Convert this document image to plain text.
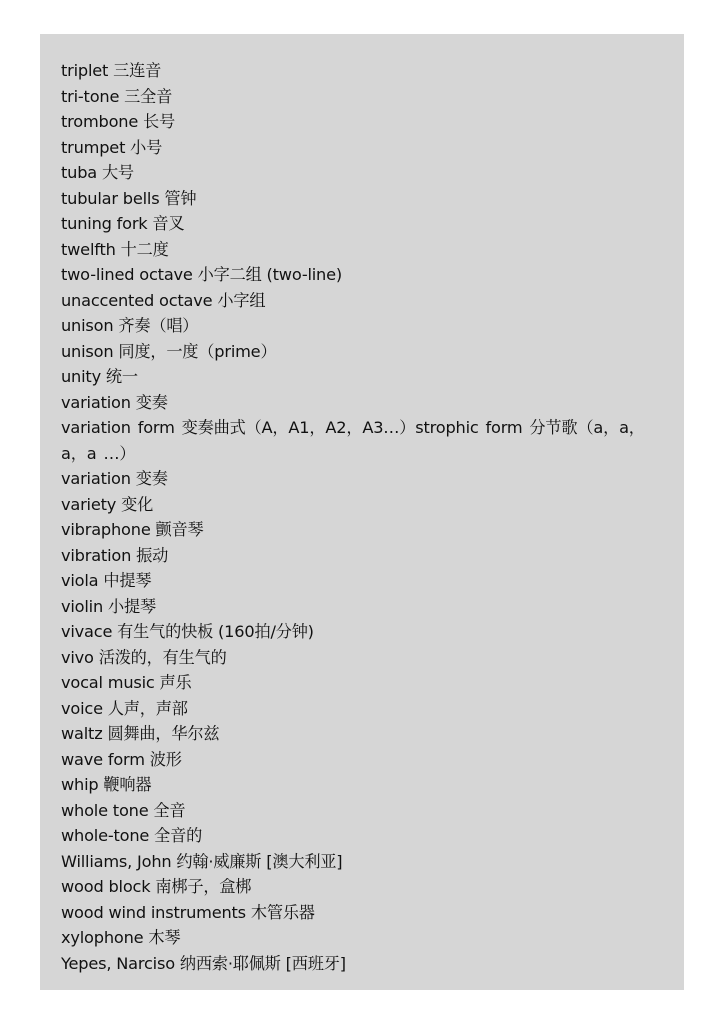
triplet 三连音
tri-tone 三全音
trombone 长号
trumpet 小号
tuba 大号
tubular bells 管钟
tuning fork 音叉
twelfth 十二度
two-lined octave 小字二组 (two-line)
unaccented octave 小字组
unison 齐奏（唱）
unison 同度，一度（prime）
unity 统一
variation 变奏
variation form 变奏曲式（A，A1，A2，A3…）strophic form 分节歌（a，a，a，a …）
variation 变奏
variety 变化
vibraphone 颤音琴
vibration 振动
viola 中提琴
violin 小提琴
vivace 有生气的快板 (160拍/分钟)
vivo 活泼的，有生气的
vocal music 声乐
voice 人声，声部
waltz 圆舞曲，华尔兹
wave form 波形
whip 鞭响器
whole tone 全音
whole-tone 全音的
Williams, John 约翰·威廉斯 [澳大利亚]
wood block 南梆子，盒梆
wood wind instruments 木管乐器
xylophone 木琴
Yepes, Narciso 纳西索·耶佩斯 [西班牙]
